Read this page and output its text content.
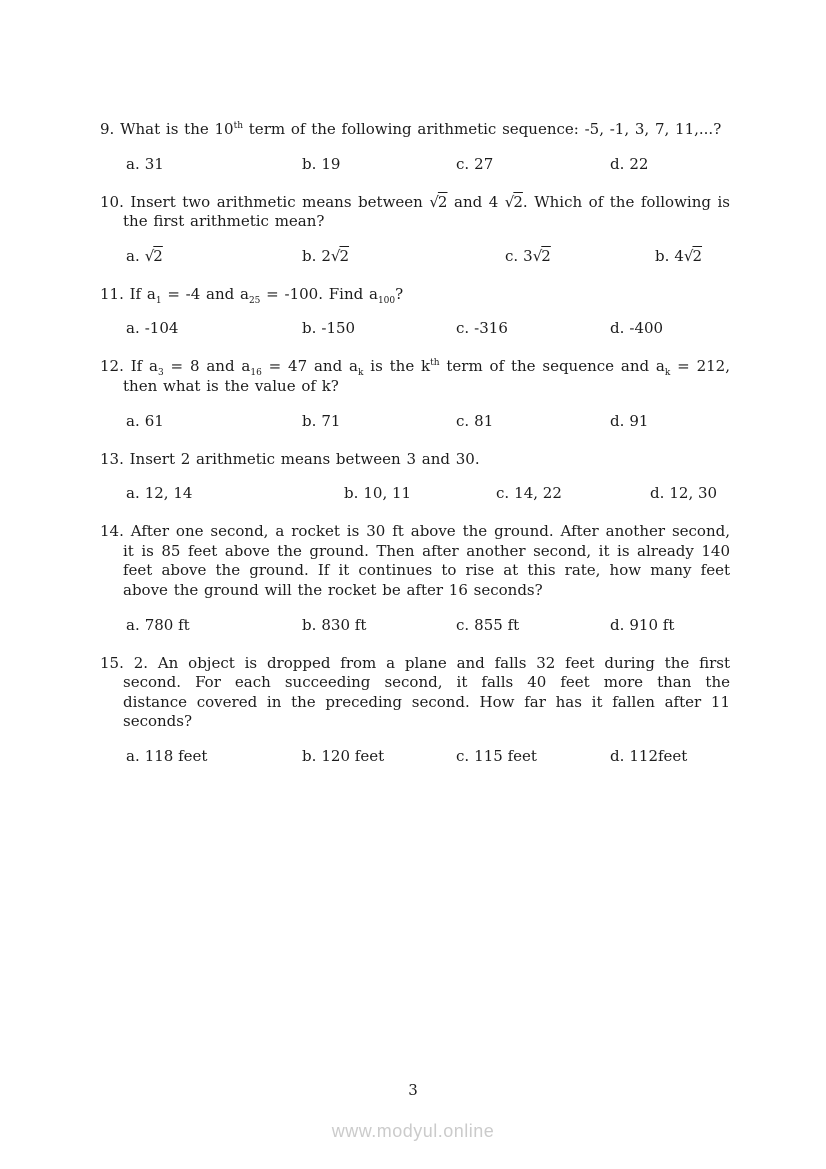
9. What is the 10th term of the following arithmetic sequence: -5, -1, 3, 7, 11,...?

a. 31	b. 19	c. 27	d. 22

10. Insert two arithmetic means between √2 and 4 √2. Which of the following is the first arithmetic mean?

a. √2	b. 2√2	c. 3√2	b. 4√2

11. If $a_1 = -4$ and $a_{25} = -100$. Find $a_{100}$?

a. -104	b. -150	c. -316	d. -400

12. If $a_3 = 8$ and $a_{16} = 47$ and $a_k$ is the $k^{th}$ term of the sequence and $a_k = 212$, then what is the value of k?

a. 61	b. 71	c. 81	d. 91

13. Insert 2 arithmetic means between 3 and 30.

a. 12, 14	b. 10, 11	c. 14, 22	d. 12, 30

14. After one second, a rocket is 30 ft above the ground. After another second, it is 85 feet above the ground. Then after another second, it is already 140 feet above the ground. If it continues to rise at this rate, how many feet above the ground will the rocket be after 16 seconds?

a. 780 ft	b. 830 ft	c. 855 ft	d. 910 ft

15. 2. An object is dropped from a plane and falls 32 feet during the first second. For each succeeding second, it falls 40 feet more than the distance covered in the preceding second. How far has it fallen after 11 seconds?

a. 118 feet	b. 120 feet	c. 115 feet	d. 112feet
3
www.modyul.online
